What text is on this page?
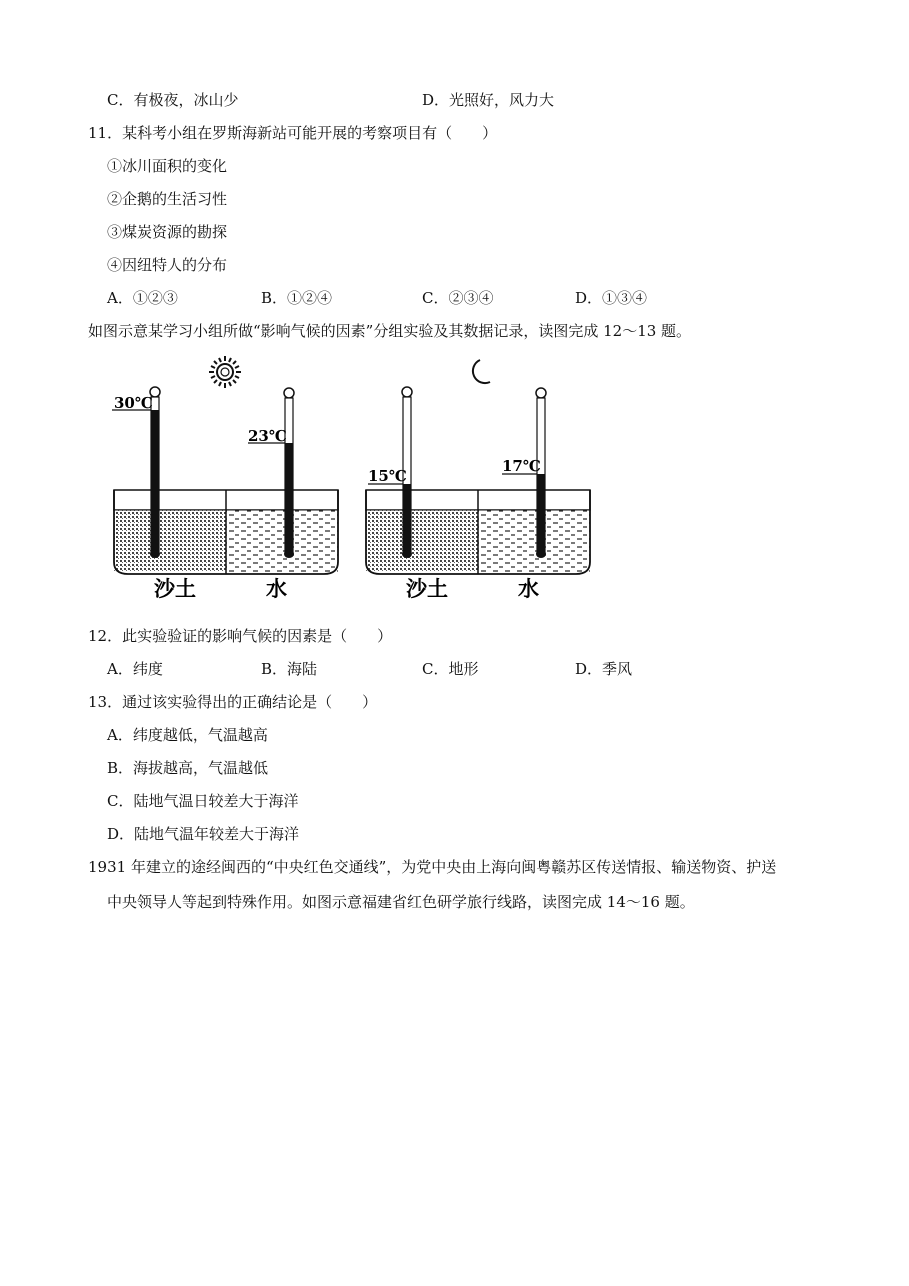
C．有极夜，冰山少	D．光照好，风力大
11．某科考小组在罗斯海新站可能开展的考察项目有（　　）
①冰川面积的变化
②企鹅的生活习性
③煤炭资源的勘探
④因纽特人的分布
A．①②③	B．①②④	C．②③④	D．①③④
如图示意某学习小组所做“影响气候的因素”分组实验及其数据记录，读图完成 12～13 题。
30℃
23℃
沙土	水
15℃
17℃
沙土	水
12．此实验验证的影响气候的因素是（　　）
A．纬度	B．海陆	C．地形	D．季风
13．通过该实验得出的正确结论是（　　）
A．纬度越低，气温越高
B．海拔越高，气温越低
C．陆地气温日较差大于海洋
D．陆地气温年较差大于海洋
1931 年建立的途经闽西的“中央红色交通线”，为党中央由上海向闽粤赣苏区传送情报、输送物资、护送
中央领导人等起到特殊作用。如图示意福建省红色研学旅行线路，读图完成 14～16 题。
